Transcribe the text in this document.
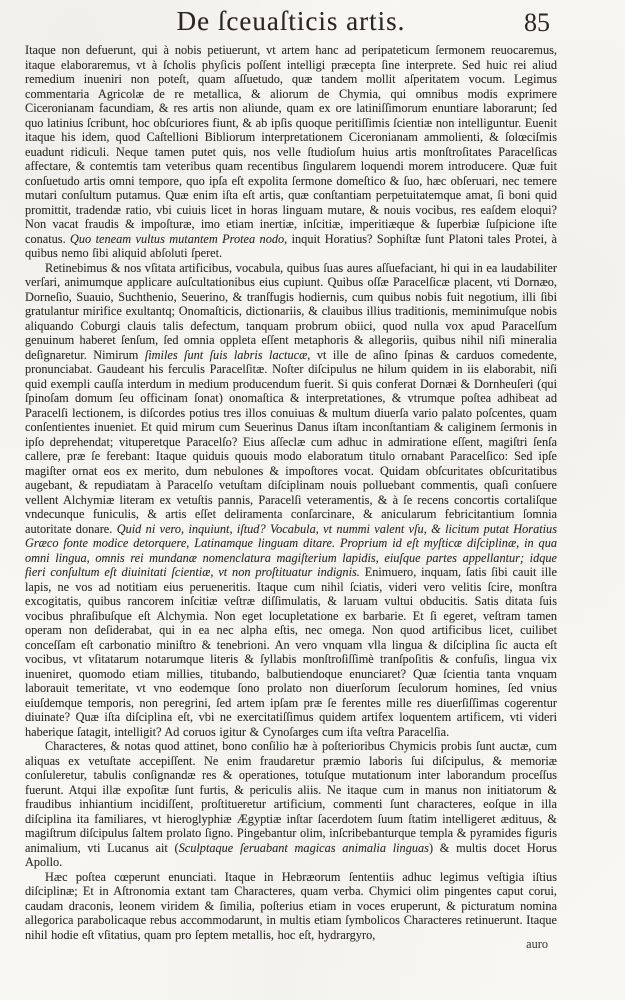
De ſceuaſticis artis.	85

Itaque non defuerunt, qui à nobis petiuerunt, vt artem hanc ad peripateticum ſermonem reuocaremus, itaque elaboraremus, vt à ſcholis phyſicis poſſent intelligi præcepta ſine interprete. Sed huic rei aliud remedium inueniri non poteſt, quam aſſuetudo, quæ tandem mollit aſperitatem vocum. Legimus commentaria Agricolæ de re metallica, & aliorum de Chymia, qui omnibus modis exprimere Ciceronianam facundiam, & res artis non aliunde, quam ex ore latiniſſimorum enuntiare laborarunt; ſed quo latinius ſcribunt, hoc obſcuriores fiunt, & ab ipſis quoque peritiſſimis ſcientiæ non intelliguntur. Euenit itaque his idem, quod Caſtellioni Bibliorum interpretationem Ciceronianam ammolienti, & ſolœciſmis euadunt ridiculi. Neque tamen putet quis, nos velle ſtudioſum huius artis monſtroſitates Paracelſicas affectare, & contemtis tam veteribus quam recentibus ſingularem loquendi morem introducere. Quæ fuit conſuetudo artis omni tempore, quo ipſa eſt expolita ſermone domeſtico & ſuo, hæc obſeruari, nec temere mutari conſultum putamus. Quæ enim iſta eſt artis, quæ conſtantiam perpetuitatemque amat, ſi boni quid promittit, tradendæ ratio, vbi cuiuis licet in horas linguam mutare, & nouis vocibus, res eaſdem eloqui? Non vacat fraudis & impoſturæ, imo etiam inertiæ, inſcitiæ, imperitiæque & ſuperbiæ ſuſpicione iſte conatus. Quo teneam vultus mutantem Protea nodo, inquit Horatius? Sophiſtæ ſunt Platoni tales Protei, à quibus nemo ſibi aliquid abſoluti ſperet.

Retinebimus & nos vſitata artificibus, vocabula, quibus ſuas aures aſſuefaciant, hi qui in ea laudabiliter verſari, animumque applicare auſcultationibus eius cupiunt. Quibus oſſæ Paracelſicæ placent, vti Dornæo, Dorneſio, Suauio, Suchthenio, Seuerino, & tranſfugis hodiernis, cum quibus nobis fuit negotium, illi ſibi gratulantur mirifice exultantq; Onomaſticis, dictionariis, & clauibus illius traditionis, meminimuſque nobis aliquando Coburgi clauis talis defectum, tanquam probrum obiici, quod nulla vox apud Paracelſum genuinum haberet ſenſum, ſed omnia oppleta eſſent metaphoris & allegoriis, quibus nihil niſi mineralia deſignaretur. Nimirum ſimiles ſunt ſuis labris lactucæ, vt ille de aſino ſpinas & carduos comedente, pronunciabat. Gaudeant his ferculis Paracelſitæ. Noſter diſcipulus ne hilum quidem in iis elaborabit, niſi quid exempli cauſſa interdum in medium producendum fuerit. Si quis conferat Dornæi & Dornheuſeri (qui ſpinoſam domum ſeu officinam ſonat) onomaſtica & interpretationes, & vtrumque poſtea adhibeat ad Paracelſi lectionem, is diſcordes potius tres illos conuiuas & multum diuerſa vario palato poſcentes, quam conſentientes inueniet. Et quid mirum cum Seuerinus Danus iſtam inconſtantiam & caliginem ſermonis in ipſo deprehendat; vituperetque Paracelſo? Eius aſſeclæ cum adhuc in admiratione eſſent, magiſtri ſenſa callere, præ ſe ferebant: Itaque quiduis quouis modo elaboratum titulo ornabant Paracelſico: Sed ipſe magiſter ornat eos ex merito, dum nebulones & impoſtores vocat. Quidam obſcuritates obſcuritatibus augebant, & repudiatam à Paracelſo vetuſtam diſciplinam nouis polluebant commentis, quaſi conſuere vellent Alchymiæ literam ex vetuſtis pannis, Paracelſi veteramentis, & à ſe recens concortis cortaliſque vndecunque funiculis, & artis eſſet deliramenta conſarcinare, & anicularum febricitantium ſomnia autoritate donare. Quid ni vero, inquiunt, iſtud? Vocabula, vt nummi valent vſu, & licitum putat Horatius Græco fonte modice detorquere, Latinamque linguam ditare. Proprium id eſt myſticæ diſciplinæ, in qua omni lingua, omnis rei mundanæ nomenclatura magiſterium lapidis, eiuſque partes appellantur; idque fieri conſultum eſt diuinitati ſcientiæ, vt non proſtituatur indignis. Enimuero, inquam, ſatis ſibi cauit ille lapis, ne vos ad notitiam eius perueneritis. Itaque cum nihil ſciatis, videri vero velitis ſcire, monſtra excogitatis, quibus rancorem inſcitiæ veſtræ diſſimulatis, & laruam vultui obducitis. Satis ditata ſuis vocibus phraſibuſque eſt Alchymia. Non eget locupletatione ex barbarie. Et ſi egeret, veſtram tamen operam non deſiderabat, qui in ea nec alpha eſtis, nec omega. Non quod artificibus licet, cuilibet conceſſam eſt carbonatio miniſtro & tenebrioni. An vero vnquam vlla lingua & diſciplina ſic aucta eſt vocibus, vt vſitatarum notarumque literis & ſyllabis monſtroſiſſimè tranſpoſitis & confuſis, lingua vix inueniret, quomodo etiam millies, titubando, balbutiendoque enunciaret? Quæ ſcientia tanta vnquam laborauit temeritate, vt vno eodemque ſono prolato non diuerſorum ſeculorum homines, ſed vnius eiuſdemque temporis, non peregrini, ſed artem ipſam præ ſe ferentes mille res diuerſiſſimas cogerentur diuinate? Quæ iſta diſciplina eſt, vbi ne exercitatiſſimus quidem artifex loquentem artificem, vti videri haberique ſatagit, intelligit? Ad coruos igitur & Cynoſarges cum iſta veſtra Paracelſia.

Characteres, & notas quod attinet, bono conſilio hæ à poſterioribus Chymicis probis ſunt auctæ, cum aliquas ex vetuſtate accepiſſent. Ne enim fraudaretur præmio laboris ſui diſcipulus, & memoriæ conſuleretur, tabulis conſignandæ res & operationes, totuſque mutationum inter laborandum proceſſus fuerunt. Atqui illæ expoſitæ ſunt furtis, & periculis aliis. Ne itaque cum in manus non initiatorum & fraudibus inhiantium incidiſſent, proſtitueretur artificium, commenti ſunt characteres, eoſque in illa diſciplina ita familiares, vt hieroglyphiæ Ægyptiæ inſtar ſacerdotem ſuum ſtatim intelligeret ædituus, & magiſtrum diſcipulus ſaltem prolato ſigno. Pingebantur olim, inſcribebanturque templa & pyramides figuris animalium, vti Lucanus ait (Sculptaque ſeruabant magicas animalia linguas) & multis docet Horus Apollo.

Hæc poſtea cœperunt enunciati. Itaque in Hebræorum ſententiis adhuc legimus veſtigia iſtius diſciplinæ; Et in Aſtronomia extant tam Characteres, quam verba. Chymici olim pingentes caput corui, caudam draconis, leonem viridem & ſimilia, poſterius etiam in voces eruperunt, & picturatum nomina allegorica parabolicaque rebus accommodarunt, in multis etiam ſymbolicos Characteres retinuerunt. Itaque nihil hodie eſt vſitatius, quam pro ſeptem metallis, hoc eſt, hydrargyro,

auro
